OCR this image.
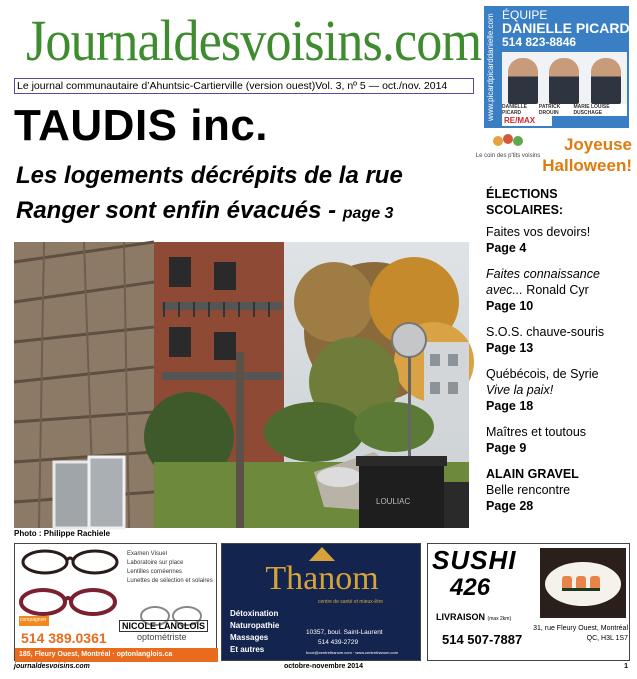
Journaldesvoisins.com
Le journal communautaire d’Ahuntsic-Cartierville (version ouest)Vol. 3, nº 5 — oct./nov. 2014
TAUDIS inc.
Les logements décrépits de la rue Ranger sont enfin évacués - page 3
LOULIAC
Photo : Philippe Rachiele
www.picardpicarddanielle.com ÉQUIPE
DANIELLE PICARD
514 823-8846
DANIELLE PICARD
PATRICK DROUIN
MARIE LOUISE DUSCHAGE
RE/MAX
Le coin des p'tits voisins
Joyeuse Halloween!
ÉLECTIONS SCOLAIRES:
Faites vos devoirs!
Page 4
Faites connaissance avec... Ronald Cyr
Page 10
S.O.S. chauve-souris
Page 13
Québécois, de Syrie
Vive la paix!
Page 18
Maîtres et toutous
Page 9
ALAIN GRAVEL
Belle rencontre
Page 28
compagnon
Examen Visuel
Laboratoire sur place
Lentilles cornéennes
Lunettes de sélection et solaires
514 389.0361
NICOLE LANGLOIS
optométriste
185, Fleury Ouest, Montréal · optonlanglois.ca
Thanom
centre de santé et mieux-être
Détoxination
Naturopathie
Massages
Et autres
10357, boul. Saint-Laurent
514 439-2729
boox@centrethanom.com · www.centrethanom.com
SUSHI
426
LIVRAISON (max 2km)
514 507-7887
31, rue Fleury Ouest, Montréal
QC, H3L 1S7
journaldesvoisins.com	octobre-novembre 2014	1
